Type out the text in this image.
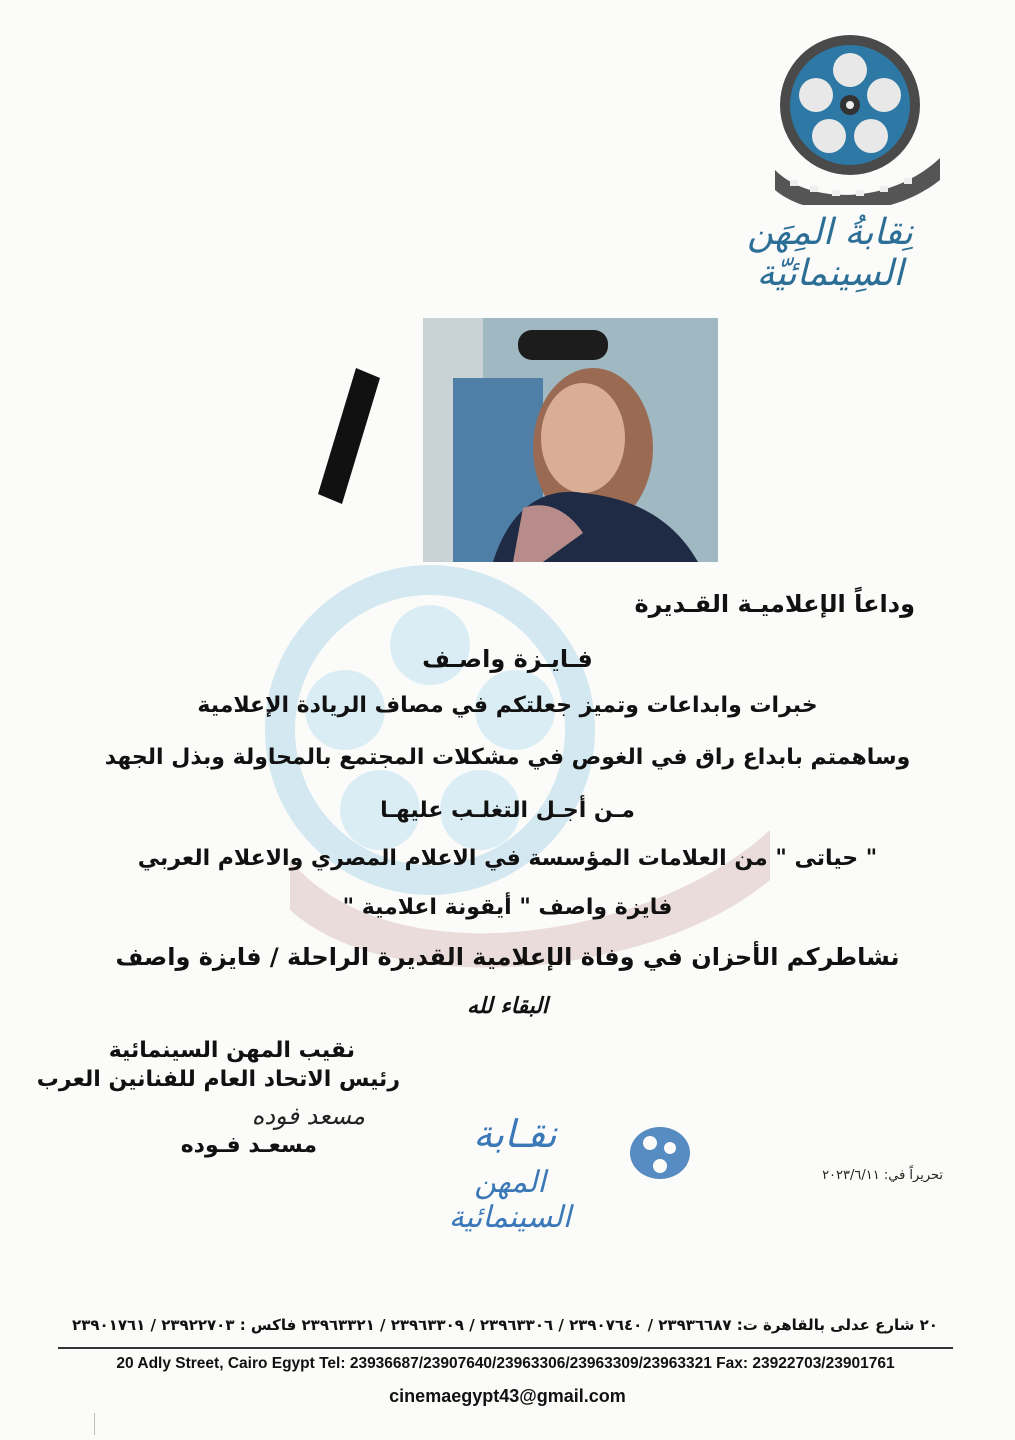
نِقابةُ المِهَن السِينمائيّة
وداعاً الإعلاميـة القـديرة
فـايـزة واصـف
خبرات وابداعات وتميز جعلتكم في مصاف الريادة الإعلامية
وساهمتم بابداع راق في الغوص في مشكلات المجتمع بالمحاولة وبذل الجهد
مـن أجـل التغلـب عليهـا
" حياتى " من العلامات المؤسسة في الاعلام المصري والاعلام العربي
فايزة واصف " أيقونة اعلامية "
نشاطركم الأحزان في وفاة الإعلامية القديرة الراحلة / فايزة واصف
البقاء لله
نقيب المهن السينمائية
رئيس الاتحاد العام للفنانين العرب
مسعد فوده
مسعـد فـوده	نقـابة
المهن السينمائية
تحريراً في: ٢٠٢٣/٦/١١
٢٠ شارع عدلى بالقاهرة ت: ٢٣٩٣٦٦٨٧ / ٢٣٩٠٧٦٤٠ / ٢٣٩٦٣٣٠٦ / ٢٣٩٦٣٣٠٩ / ٢٣٩٦٣٣٢١ فاكس : ٢٣٩٢٢٧٠٣ / ٢٣٩٠١٧٦١
20 Adly Street, Cairo Egypt Tel: 23936687/23907640/23963306/23963309/23963321 Fax: 23922703/23901761
cinemaegypt43@gmail.com
